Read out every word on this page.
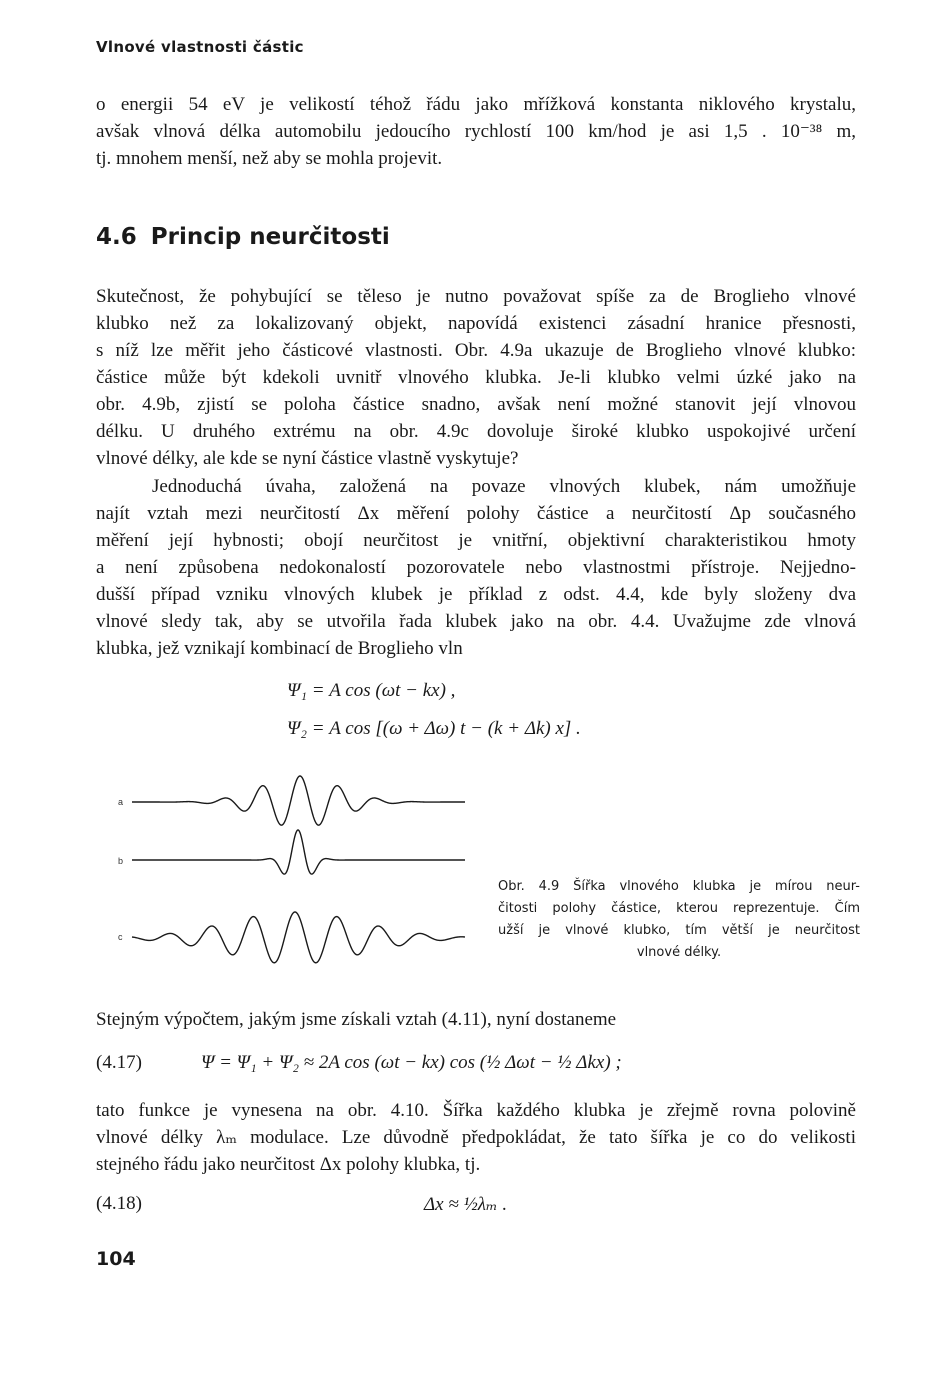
Vlnové vlastnosti částic
o energii 54 eV je velikostí téhož řádu jako mřížková konstanta niklového krystalu,
avšak vlnová délka automobilu jedoucího rychlostí 100 km/hod je asi 1,5 . 10⁻³⁸ m,
tj. mnohem menší, než aby se mohla projevit.
4.6 Princip neurčitosti
Skutečnost, že pohybující se těleso je nutno považovat spíše za de Broglieho vlnové
klubko než za lokalizovaný objekt, napovídá existenci zásadní hranice přesnosti,
s níž lze měřit jeho částicové vlastnosti. Obr. 4.9a ukazuje de Broglieho vlnové klubko:
částice může být kdekoli uvnitř vlnového klubka. Je-li klubko velmi úzké jako na
obr. 4.9b, zjistí se poloha částice snadno, avšak není možné stanovit její vlnovou
délku. U druhého extrému na obr. 4.9c dovoluje široké klubko uspokojivé určení
vlnové délky, ale kde se nyní částice vlastně vyskytuje?
Jednoduchá úvaha, založená na povaze vlnových klubek, nám umožňuje
najít vztah mezi neurčitostí Δx měření polohy částice a neurčitostí Δp současného
měření její hybnosti; obojí neurčitost je vnitřní, objektivní charakteristikou hmoty
a není způsobena nedokonalostí pozorovatele nebo vlastnostmi přístroje. Nejjedno-
dušší případ vzniku vlnových klubek je příklad z odst. 4.4, kde byly složeny dva
vlnové sledy tak, aby se utvořila řada klubek jako na obr. 4.4. Uvažujme zde vlnová
klubka, jež vznikají kombinací de Broglieho vln
Ψ₁ = A cos (ωt − kx) ,
Ψ₂ = A cos [(ω + Δω) t − (k + Δk) x] .
a
b
c
Obr. 4.9 Šířka vlnového klubka je mírou neur-
čitosti polohy částice, kterou reprezentuje. Čím
užší je vlnové klubko, tím větší je neurčitost
vlnové délky.
Stejným výpočtem, jakým jsme získali vztah (4.11), nyní dostaneme
(4.17)	Ψ = Ψ₁ + Ψ₂ ≈ 2A cos (ωt − kx) cos (½ Δωt − ½ Δkx) ;
tato funkce je vynesena na obr. 4.10. Šířka každého klubka je zřejmě rovna polovině
vlnové délky λₘ modulace. Lze důvodně předpokládat, že tato šířka je co do velikosti
stejného řádu jako neurčitost Δx polohy klubka, tj.
(4.18)	Δx ≈ ½λₘ .
104
